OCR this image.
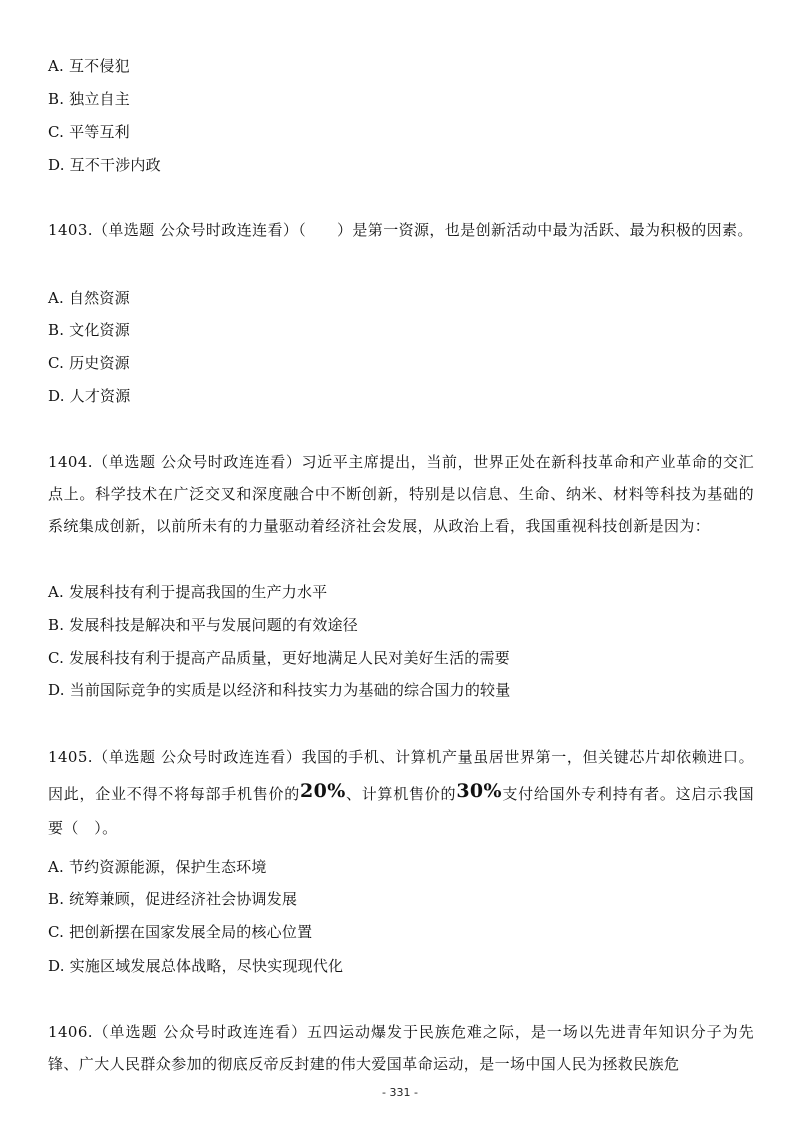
A. 互不侵犯
B. 独立自主
C. 平等互利
D. 互不干涉内政
1403.（单选题 公众号时政连连看）（　　）是第一资源，也是创新活动中最为活跃、最为积极的因素。
A. 自然资源
B. 文化资源
C. 历史资源
D. 人才资源
1404.（单选题 公众号时政连连看）习近平主席提出，当前，世界正处在新科技革命和产业革命的交汇点上。科学技术在广泛交叉和深度融合中不断创新，特别是以信息、生命、纳米、材料等科技为基础的系统集成创新，以前所未有的力量驱动着经济社会发展，从政治上看，我国重视科技创新是因为：
A. 发展科技有利于提高我国的生产力水平
B. 发展科技是解决和平与发展问题的有效途径
C. 发展科技有利于提高产品质量，更好地满足人民对美好生活的需要
D. 当前国际竞争的实质是以经济和科技实力为基础的综合国力的较量
1405.（单选题 公众号时政连连看）我国的手机、计算机产量虽居世界第一，但关键芯片却依赖进口。因此，企业不得不将每部手机售价的20%、计算机售价的30%支付给国外专利持有者。这启示我国要（　）。
A. 节约资源能源，保护生态环境
B. 统筹兼顾，促进经济社会协调发展
C. 把创新摆在国家发展全局的核心位置
D. 实施区域发展总体战略，尽快实现现代化
1406.（单选题 公众号时政连连看）五四运动爆发于民族危难之际，是一场以先进青年知识分子为先锋、广大人民群众参加的彻底反帝反封建的伟大爱国革命运动，是一场中国人民为拯救民族危
- 331 -
